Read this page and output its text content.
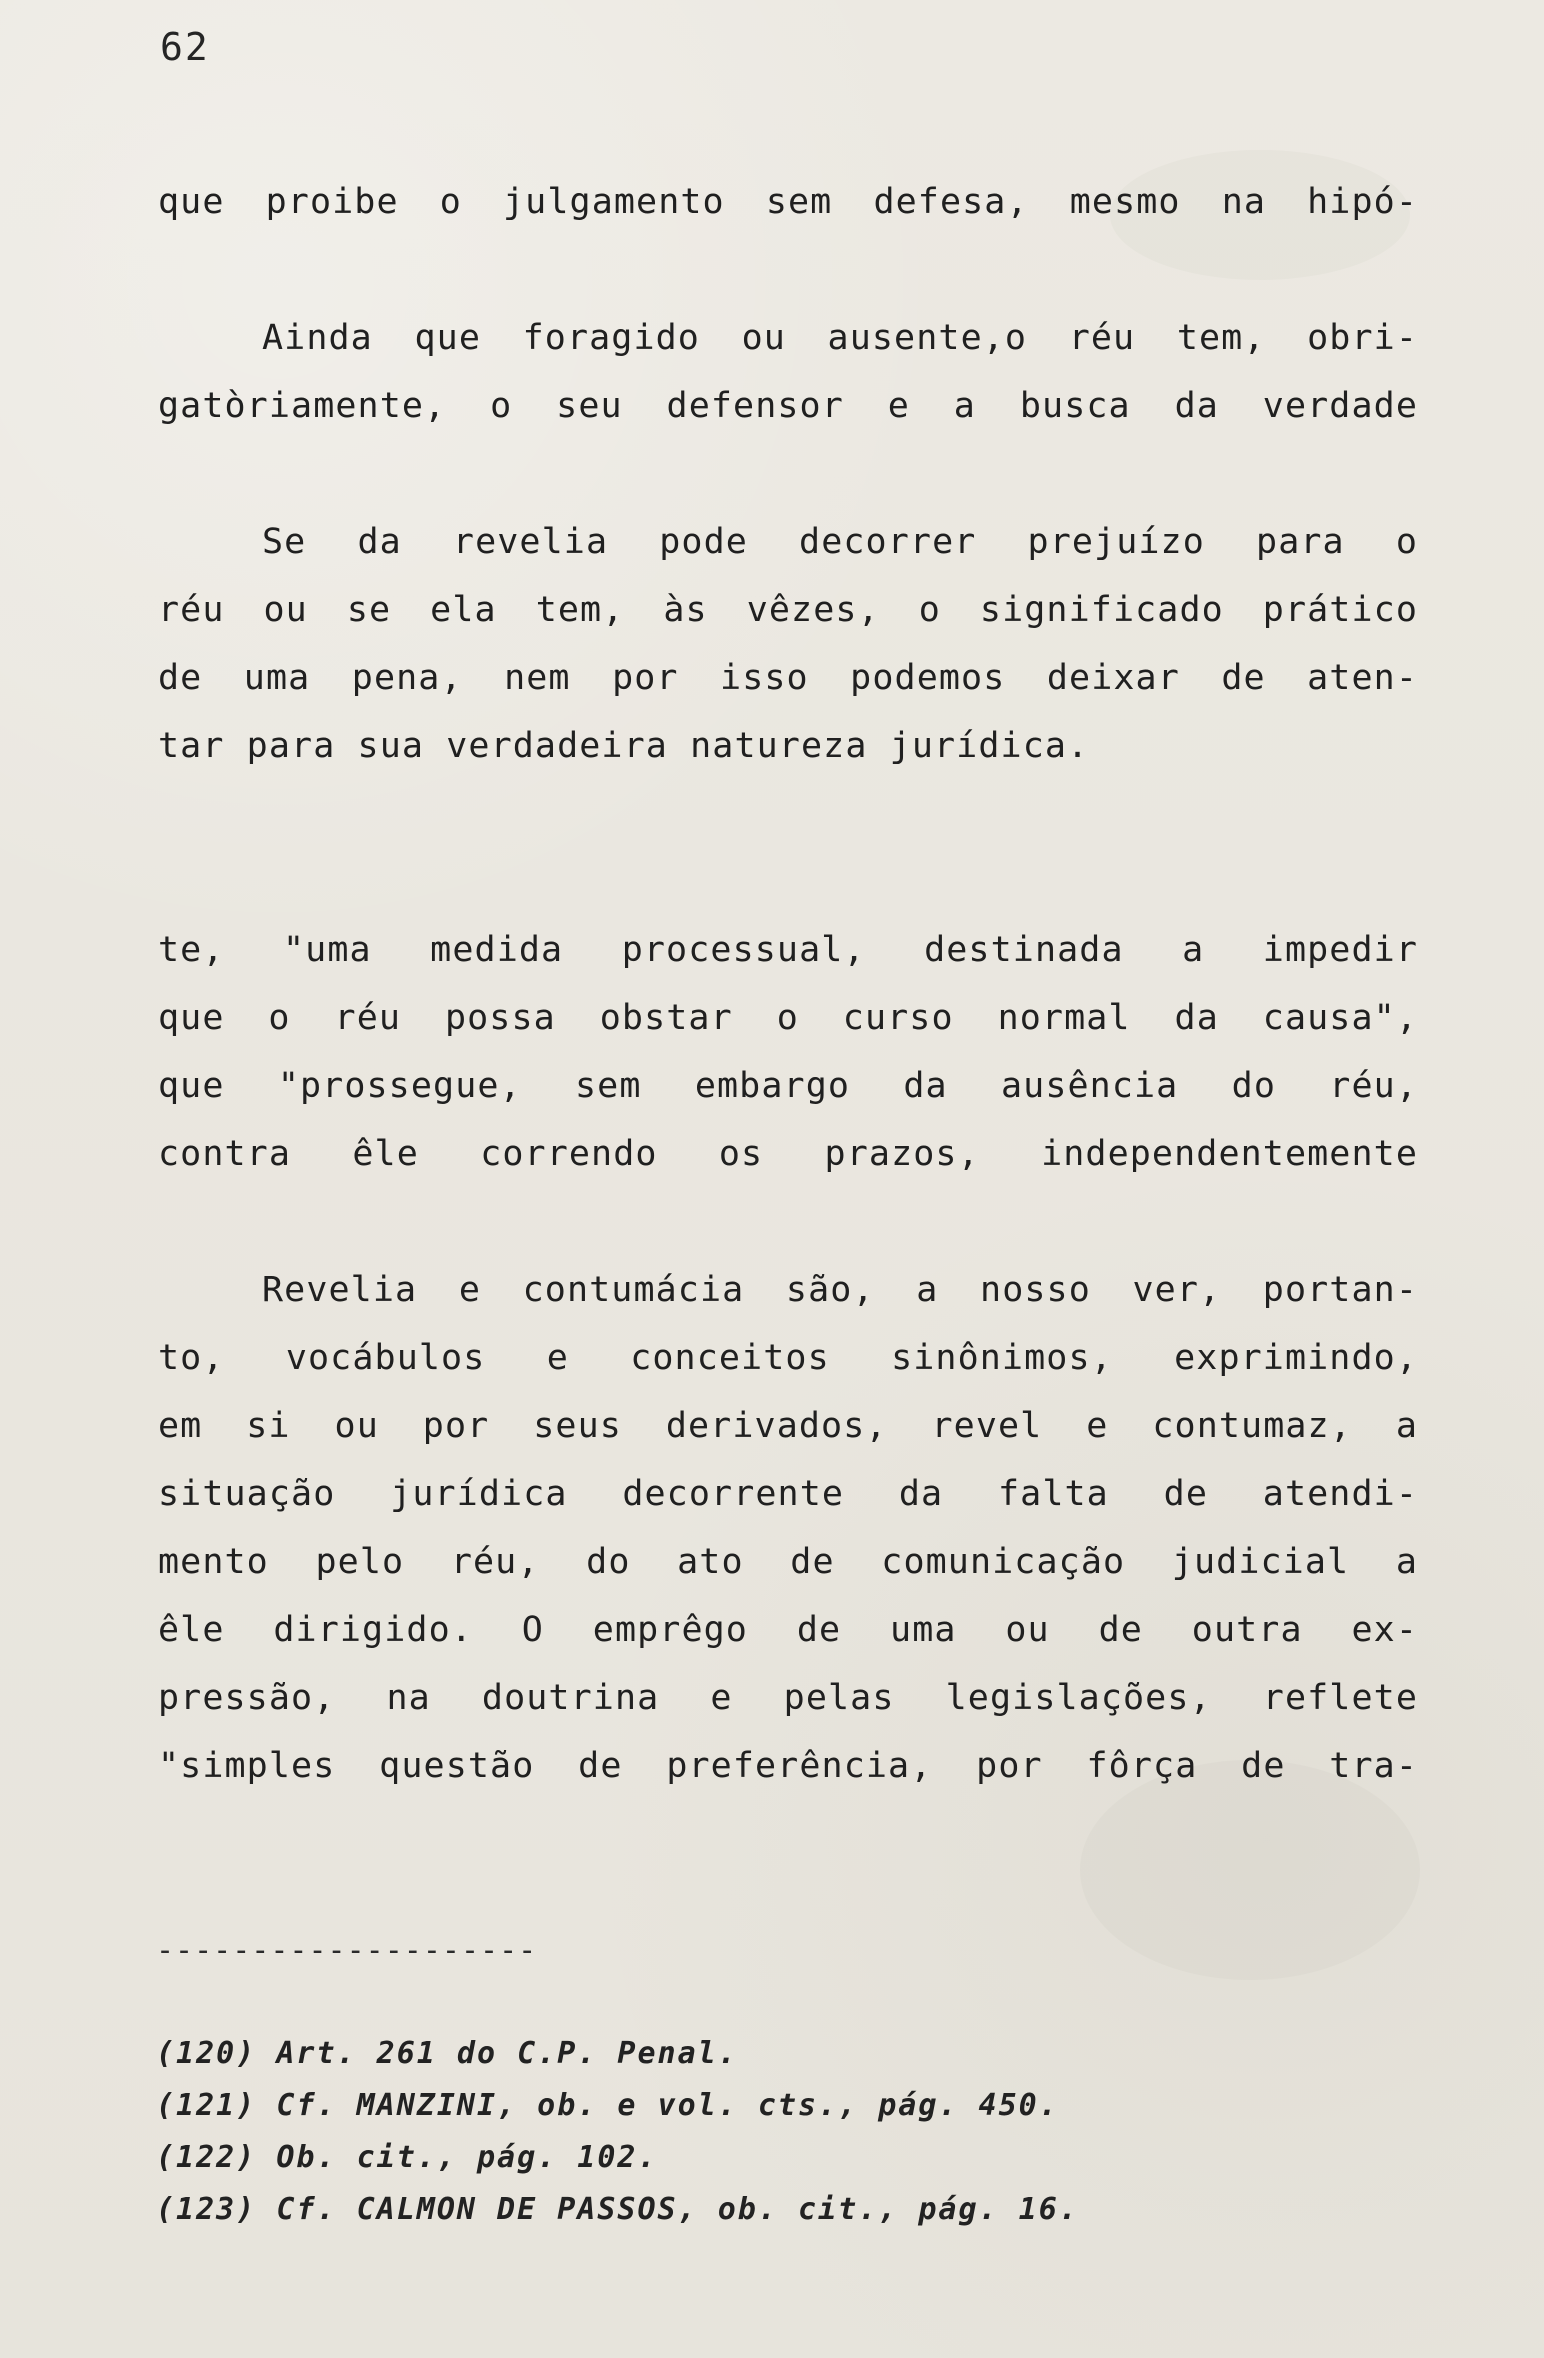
62
que proibe o julgamento sem defesa, mesmo na hipó-

Ainda que foragido ou ausente,o réu tem, obri-
gatòriamente, o seu defensor e a busca da verdade

Se da revelia pode decorrer prejuízo para o
réu ou se ela tem, às vêzes, o significado prático
de uma pena, nem por isso podemos deixar de aten-
tar para sua verdadeira natureza jurídica.

te, "uma medida processual, destinada a impedir
que o réu possa obstar o curso normal da causa",
que "prossegue, sem embargo da ausência do réu,
contra êle correndo os prazos, independentemente

Revelia e contumácia são, a nosso ver, portan-
to, vocábulos e conceitos sinônimos, exprimindo,
em si ou por seus derivados, revel e contumaz, a
situação jurídica decorrente da falta de atendi-
mento pelo réu, do ato de comunicação judicial a
êle dirigido. O emprêgo de uma ou de outra ex-
pressão, na doutrina e pelas legislações, reflete
"simples questão de preferência, por fôrça de tra-

--------------------
(120) Art. 261 do C.P. Penal.
(121) Cf. MANZINI, ob. e vol. cts., pág. 450.
(122) Ob. cit., pág. 102.
(123) Cf. CALMON DE PASSOS, ob. cit., pág. 16.
